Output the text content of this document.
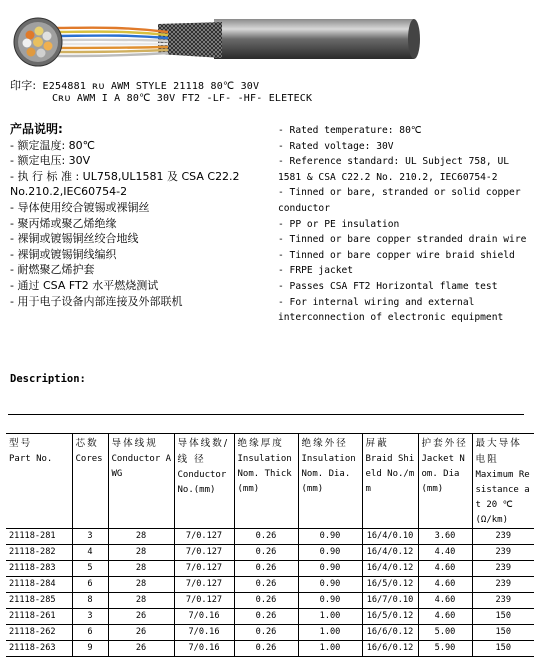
印字: E254881 ʀᴜ AWM STYLE 21118 80℃ 30V
Cʀᴜ AWM I A 80℃ 30V FT2 -LF- -HF- ELETECK
产品说明:
- 额定温度: 80℃
- 额定电压: 30V
- 执 行 标 准 : UL758,UL1581 及 CSA C22.2
No.210.2,IEC60754-2
- 导体使用绞合镀锡或裸铜丝
- 聚丙烯或聚乙烯绝缘
- 裸铜或镀锡铜丝绞合地线
- 裸铜或镀锡铜线编织
- 耐燃聚乙烯护套
- 通过 CSA FT2 水平燃烧测试
- 用于电子设备内部连接及外部联机
- Rated temperature: 80℃
- Rated voltage: 30V
- Reference standard: UL Subject 758, UL 1581 & CSA C22.2 No. 210.2, IEC60754-2
- Tinned or bare, stranded or solid copper conductor
- PP or PE insulation
- Tinned or bare copper stranded drain wire
- Tinned or bare copper wire braid shield
- FRPE jacket
- Passes CSA FT2 Horizontal flame test
- For internal wiring and external interconnection of electronic equipment
Description:
型号
Part No.	芯数
Cores	导体线规
Conductor AWG	导体线数/线 径
Conductor No.(mm)	绝缘厚度
Insulation Nom. Thick(mm)	绝缘外径
Insulation Nom. Dia. (mm)	屏蔽
Braid Shield No./mm	护套外径
Jacket Nom. Dia (mm)	最大导体电阻
Maximum Resistance at 20 ℃ (Ω/km)
21118-281	3	28	7/0.127	0.26	0.90	16/4/0.10	3.60	239
21118-282	4	28	7/0.127	0.26	0.90	16/4/0.12	4.40	239
21118-283	5	28	7/0.127	0.26	0.90	16/4/0.12	4.60	239
21118-284	6	28	7/0.127	0.26	0.90	16/5/0.12	4.60	239
21118-285	8	28	7/0.127	0.26	0.90	16/7/0.10	4.60	239
21118-261	3	26	7/0.16	0.26	1.00	16/5/0.12	4.60	150
21118-262	6	26	7/0.16	0.26	1.00	16/6/0.12	5.00	150
21118-263	9	26	7/0.16	0.26	1.00	16/6/0.12	5.90	150
